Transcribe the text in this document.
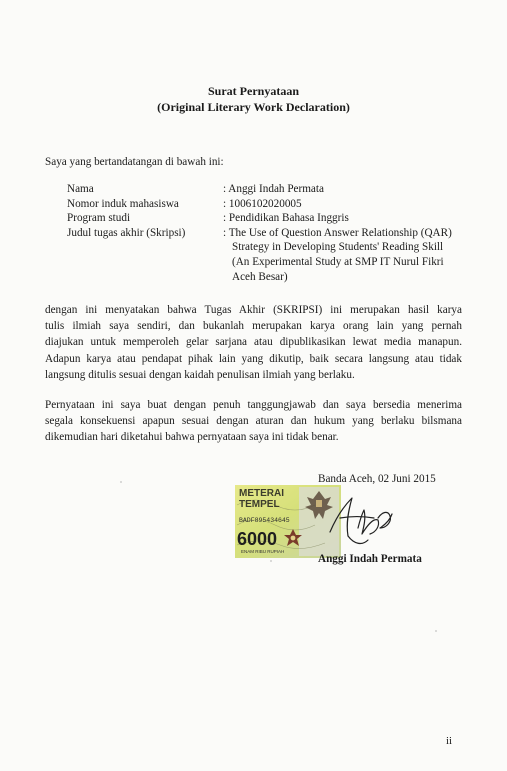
Surat Pernyataan
(Original Literary Work Declaration)
Saya yang bertandatangan di bawah ini:
Nama	: Anggi Indah Permata
Nomor induk mahasiswa	: 1006102020005
Program studi	: Pendidikan Bahasa Inggris
Judul tugas akhir (Skripsi)	: The Use of Question Answer Relationship (QAR)
Strategy in Developing Students' Reading Skill
(An Experimental Study at SMP IT Nurul Fikri
Aceh Besar)
dengan ini menyatakan bahwa Tugas Akhir (SKRIPSI) ini merupakan hasil karya
tulis ilmiah saya sendiri, dan bukanlah merupakan karya orang lain yang pernah
diajukan untuk memperoleh gelar sarjana atau dipublikasikan lewat media manapun.
Adapun karya atau pendapat pihak lain yang dikutip, baik secara langsung atau tidak
langsung ditulis sesuai dengan kaidah penulisan ilmiah yang berlaku.
Pernyataan ini saya buat dengan penuh tanggungjawab dan saya bersedia menerima
segala konsekuensi apapun sesuai dengan aturan dan hukum yang berlaku bilsmana
dikemudian hari diketahui bahwa pernyataan saya ini tidak benar.
Banda Aceh, 02 Juni 2015
METERAI
TEMPEL
BADF895434645
6000
ENAM RIBU RUPIAH
Anggi Indah Permata
ii
